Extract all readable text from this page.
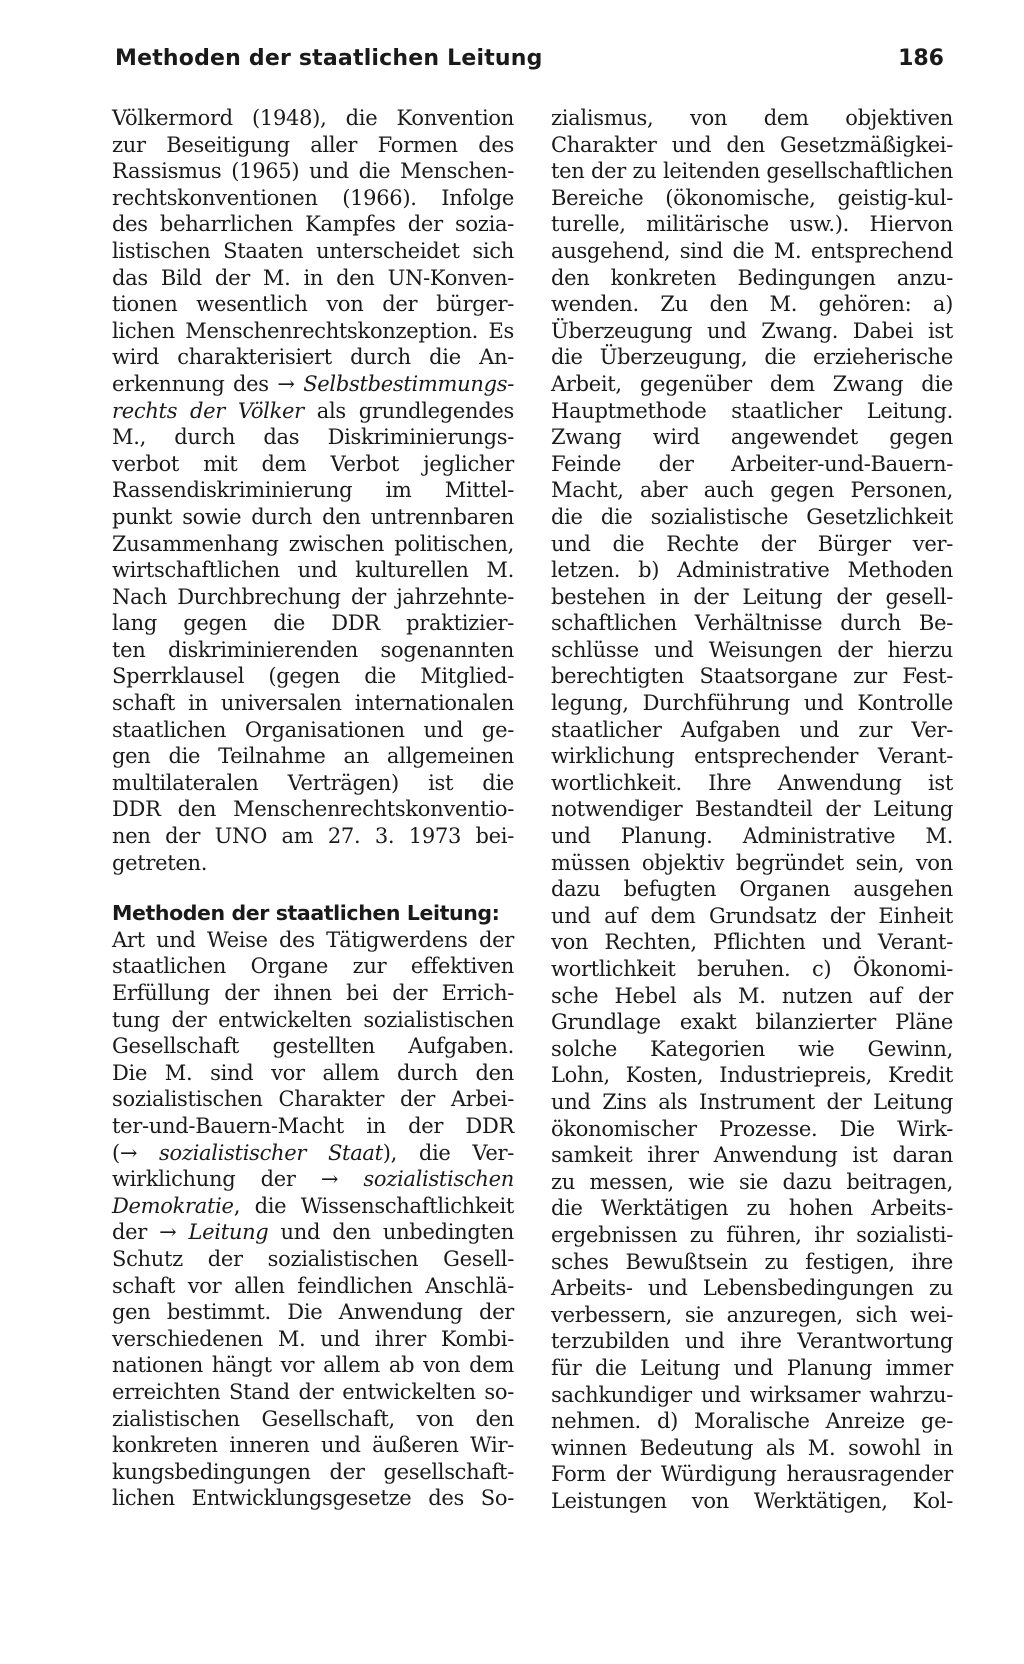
Methoden der staatlichen Leitung	186
Völkermord (1948), die Konvention
zur Beseitigung aller Formen des
Rassismus (1965) und die Menschen-
rechtskonventionen (1966). Infolge
des beharrlichen Kampfes der sozia-
listischen Staaten unterscheidet sich
das Bild der M. in den UN-Konven-
tionen wesentlich von der bürger-
lichen Menschenrechtskonzeption. Es
wird charakterisiert durch die An-
erkennung des → Selbstbestimmungs-
rechts der Völker als grundlegendes
M., durch das Diskriminierungs-
verbot mit dem Verbot jeglicher
Rassendiskriminierung im Mittel-
punkt sowie durch den untrennbaren
Zusammenhang zwischen politischen,
wirtschaftlichen und kulturellen M.
Nach Durchbrechung der jahrzehnte-
lang gegen die DDR praktizier-
ten diskriminierenden sogenannten
Sperrklausel (gegen die Mitglied-
schaft in universalen internationalen
staatlichen Organisationen und ge-
gen die Teilnahme an allgemeinen
multilateralen Verträgen) ist die
DDR den Menschenrechtskonventio-
nen der UNO am 27. 3. 1973 bei-
getreten.
Methoden der staatlichen Leitung:
Art und Weise des Tätigwerdens der
staatlichen Organe zur effektiven
Erfüllung der ihnen bei der Errich-
tung der entwickelten sozialistischen
Gesellschaft gestellten Aufgaben.
Die M. sind vor allem durch den
sozialistischen Charakter der Arbei-
ter-und-Bauern-Macht in der DDR
(→ sozialistischer Staat), die Ver-
wirklichung der → sozialistischen
Demokratie, die Wissenschaftlichkeit
der → Leitung und den unbedingten
Schutz der sozialistischen Gesell-
schaft vor allen feindlichen Anschlä-
gen bestimmt. Die Anwendung der
verschiedenen M. und ihrer Kombi-
nationen hängt vor allem ab von dem
erreichten Stand der entwickelten so-
zialistischen Gesellschaft, von den
konkreten inneren und äußeren Wir-
kungsbedingungen der gesellschaft-
lichen Entwicklungsgesetze des So-
zialismus, von dem objektiven
Charakter und den Gesetzmäßigkei-
ten der zu leitenden gesellschaftlichen
Bereiche (ökonomische, geistig-kul-
turelle, militärische usw.). Hiervon
ausgehend, sind die M. entsprechend
den konkreten Bedingungen anzu-
wenden. Zu den M. gehören: a)
Überzeugung und Zwang. Dabei ist
die Überzeugung, die erzieherische
Arbeit, gegenüber dem Zwang die
Hauptmethode staatlicher Leitung.
Zwang wird angewendet gegen
Feinde der Arbeiter-und-Bauern-
Macht, aber auch gegen Personen,
die die sozialistische Gesetzlichkeit
und die Rechte der Bürger ver-
letzen. b) Administrative Methoden
bestehen in der Leitung der gesell-
schaftlichen Verhältnisse durch Be-
schlüsse und Weisungen der hierzu
berechtigten Staatsorgane zur Fest-
legung, Durchführung und Kontrolle
staatlicher Aufgaben und zur Ver-
wirklichung entsprechender Verant-
wortlichkeit. Ihre Anwendung ist
notwendiger Bestandteil der Leitung
und Planung. Administrative M.
müssen objektiv begründet sein, von
dazu befugten Organen ausgehen
und auf dem Grundsatz der Einheit
von Rechten, Pflichten und Verant-
wortlichkeit beruhen. c) Ökonomi-
sche Hebel als M. nutzen auf der
Grundlage exakt bilanzierter Pläne
solche Kategorien wie Gewinn,
Lohn, Kosten, Industriepreis, Kredit
und Zins als Instrument der Leitung
ökonomischer Prozesse. Die Wirk-
samkeit ihrer Anwendung ist daran
zu messen, wie sie dazu beitragen,
die Werktätigen zu hohen Arbeits-
ergebnissen zu führen, ihr sozialisti-
sches Bewußtsein zu festigen, ihre
Arbeits- und Lebensbedingungen zu
verbessern, sie anzuregen, sich wei-
terzubilden und ihre Verantwortung
für die Leitung und Planung immer
sachkundiger und wirksamer wahrzu-
nehmen. d) Moralische Anreize ge-
winnen Bedeutung als M. sowohl in
Form der Würdigung herausragender
Leistungen von Werktätigen, Kol-
